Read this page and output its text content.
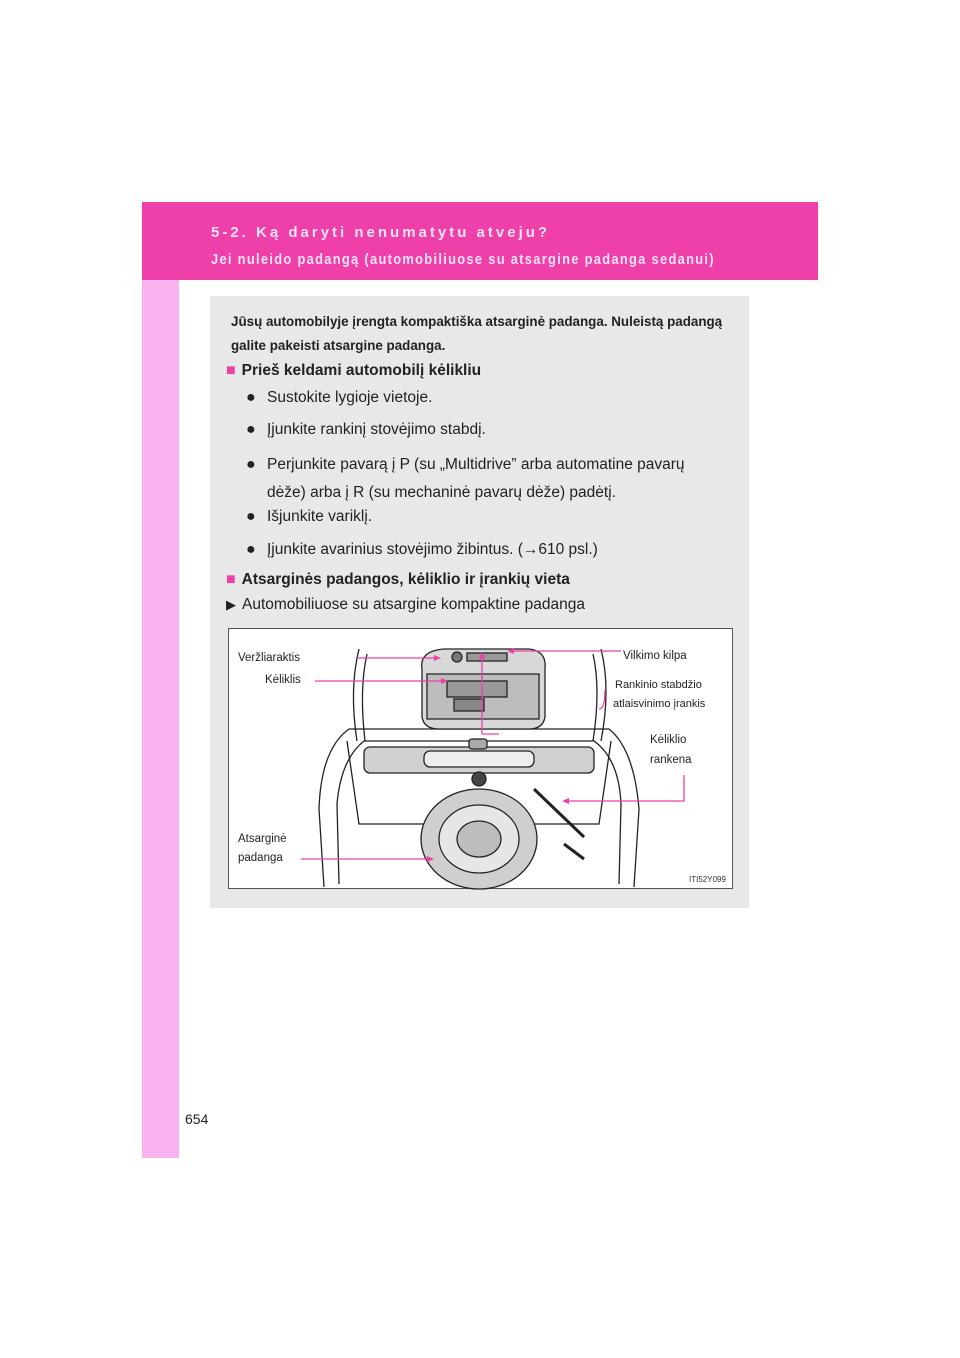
5-2. Ką daryti nenumatytu atveju?
Jei nuleido padangą (automobiliuose su atsargine padanga sedanui)
Jūsų automobilyje įrengta kompaktiška atsarginė padanga. Nuleistą padangą galite pakeisti atsargine padanga.
■ Prieš keldami automobilį kėlikliu
● Sustokite lygioje vietoje.
● Įjunkite rankinį stovėjimo stabdį.
● Perjunkite pavarą į P (su „Multidrive” arba automatine pavarų dėže) arba į R (su mechaninė pavarų dėže) padėtį.
● Išjunkite variklį.
● Įjunkite avarinius stovėjimo žibintus. (→610 psl.)
■ Atsarginės padangos, kėliklio ir įrankių vieta
▶ Automobiliuose su atsargine kompaktine padanga
Veržliaraktis
Kėliklis
Vilkimo kilpa
Rankinio stabdžio
atlaisvinimo įrankis
Kėliklio
rankena
Atsarginė
padanga
ITI52Y099
654
